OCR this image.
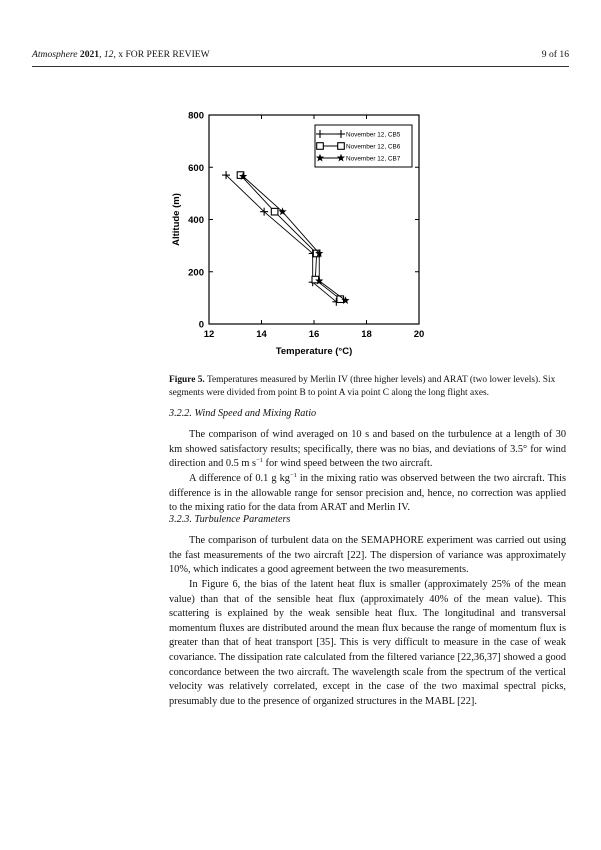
Atmosphere 2021, 12, x FOR PEER REVIEW	9 of 16
12	14	16	18	20
0
200
400
600
800
November 12, CB5
November 12, CB6
November 12, CB7
Temperature (°C)
Altitude (m)
Figure 5. Temperatures measured by Merlin IV (three higher levels) and ARAT (two lower levels). Six segments were divided from point B to point A via point C along the long flight axes.
3.2.2. Wind Speed and Mixing Ratio

The comparison of wind averaged on 10 s and based on the turbulence at a length of 30 km showed satisfactory results; specifically, there was no bias, and deviations of 3.5° for wind direction and 0.5 m $s^{-1}$ for wind speed between the two aircraft.

A difference of 0.1 g $kg^{-1}$ in the mixing ratio was observed between the two aircraft. This difference is in the allowable range for sensor precision and, hence, no correction was applied to the mixing ratio for the data from ARAT and Merlin IV.

3.2.3. Turbulence Parameters

The comparison of turbulent data on the SEMAPHORE experiment was carried out using the fast measurements of the two aircraft [22]. The dispersion of variance was approximately 10%, which indicates a good agreement between the two measurements.

In Figure 6, the bias of the latent heat flux is smaller (approximately 25% of the mean value) than that of the sensible heat flux (approximately 40% of the mean value). This scattering is explained by the weak sensible heat flux. The longitudinal and transversal momentum fluxes are distributed around the mean flux because the range of momentum flux is greater than that of heat transport [35]. This is very difficult to measure in the case of weak covariance. The dissipation rate calculated from the filtered variance [22,36,37] showed a good concordance between the two aircraft. The wavelength scale from the spectrum of the vertical velocity was relatively correlated, except in the case of the two maximal spectral picks, presumably due to the presence of organized structures in the MABL [22].
